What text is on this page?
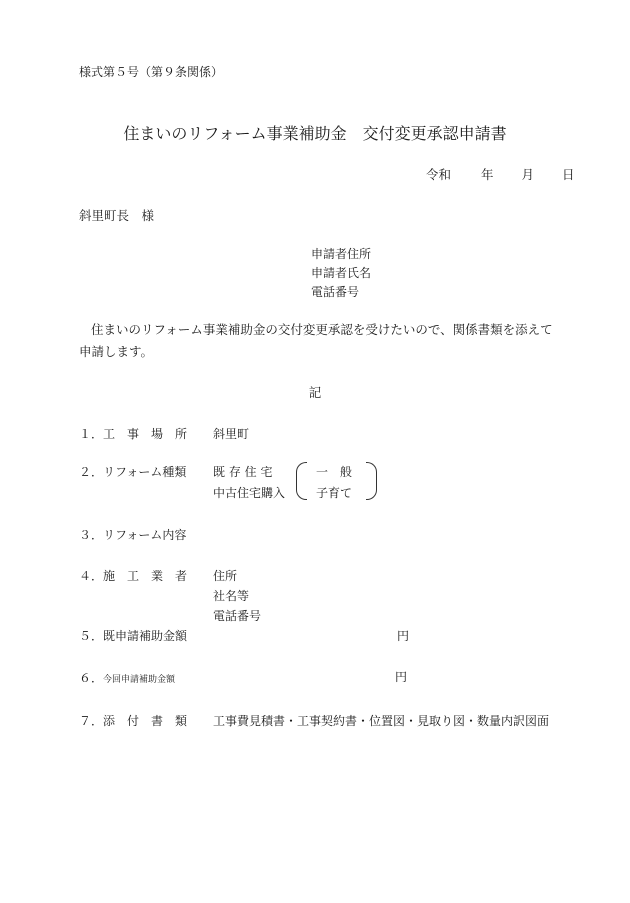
様式第５号（第９条関係）
住まいのリフォーム事業補助金　交付変更承認申請書
令和 年 月 日
斜里町長　様
申請者住所
申請者氏名
電話番号
住まいのリフォーム事業補助金の交付変更承認を受けたいので、関係書類を添えて申請します。
記
１．工　事　場　所 斜里町
２．リフォーム種類 既 存 住 宅
中古住宅購入
一　般
子育て
３．リフォーム内容
４．施　工　業　者 住所
社名等
電話番号
５．既申請補助金額	円
６．今回申請補助金額	円
７．添　付　書　類 工事費見積書・工事契約書・位置図・見取り図・数量内訳図面
